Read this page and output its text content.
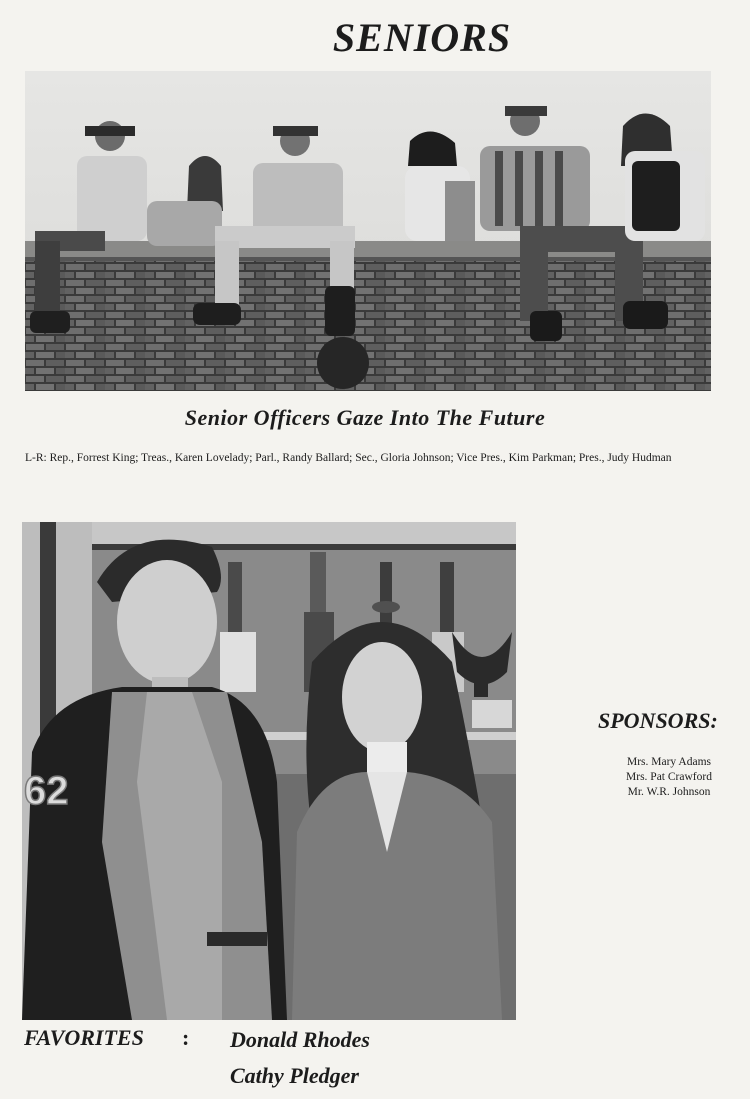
SENIORS
Senior Officers Gaze Into The Future
L-R: Rep., Forrest King; Treas., Karen Lovelady; Parl., Randy Ballard; Sec., Gloria Johnson; Vice Pres., Kim Parkman; Pres., Judy Hudman
62
SPONSORS:
Mrs. Mary Adams
Mrs. Pat Crawford
Mr. W.R. Johnson
FAVORITES : Donald Rhodes
Cathy Pledger
